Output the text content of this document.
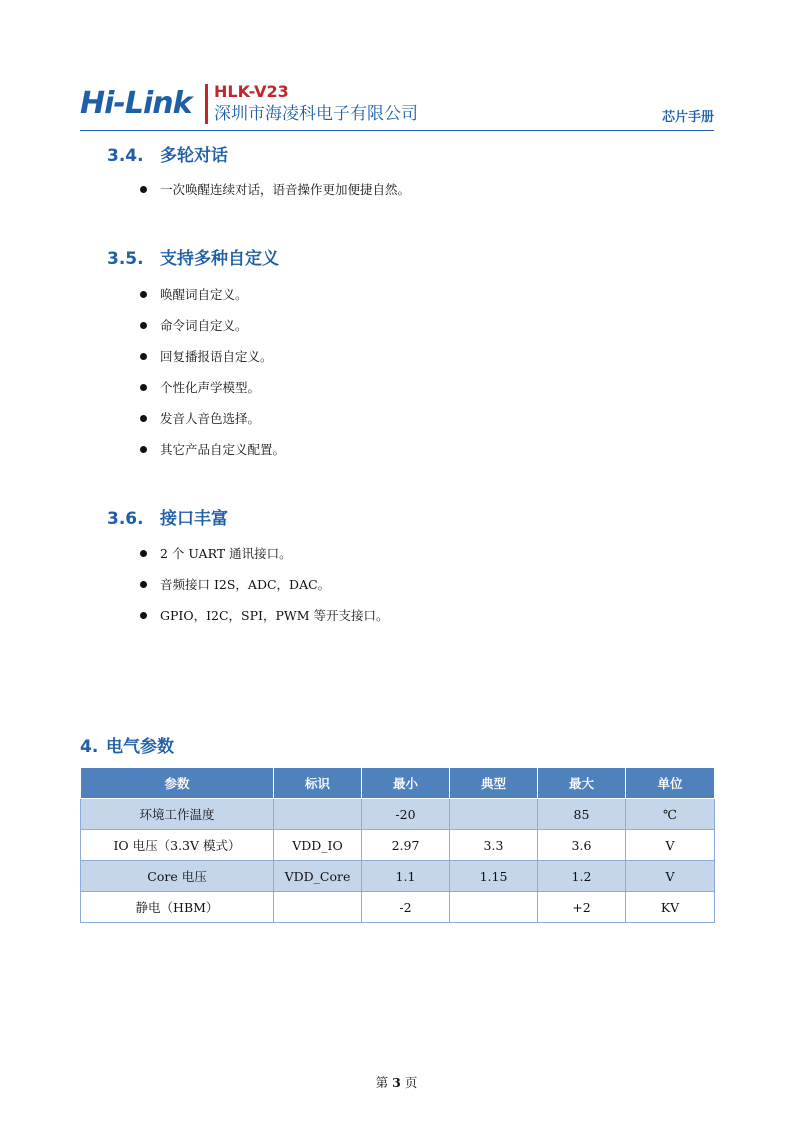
Hi-Link HLK-V23
深圳市海凌科电子有限公司	芯片手册
3.4. 多轮对话
一次唤醒连续对话，语音操作更加便捷自然。
3.5. 支持多种自定义
唤醒词自定义。
命令词自定义。
回复播报语自定义。
个性化声学模型。
发音人音色选择。
其它产品自定义配置。
3.6. 接口丰富
2 个 UART 通讯接口。
音频接口 I2S，ADC，DAC。
GPIO，I2C，SPI，PWM 等开支接口。
4. 电气参数
参数	标识	最小	典型	最大	单位
环境工作温度		-20		85	℃
IO 电压（3.3V 模式）	VDD_IO	2.97	3.3	3.6	V
Core 电压	VDD_Core	1.1	1.15	1.2	V
静电（HBM）		-2		+2	KV
第 3 页
